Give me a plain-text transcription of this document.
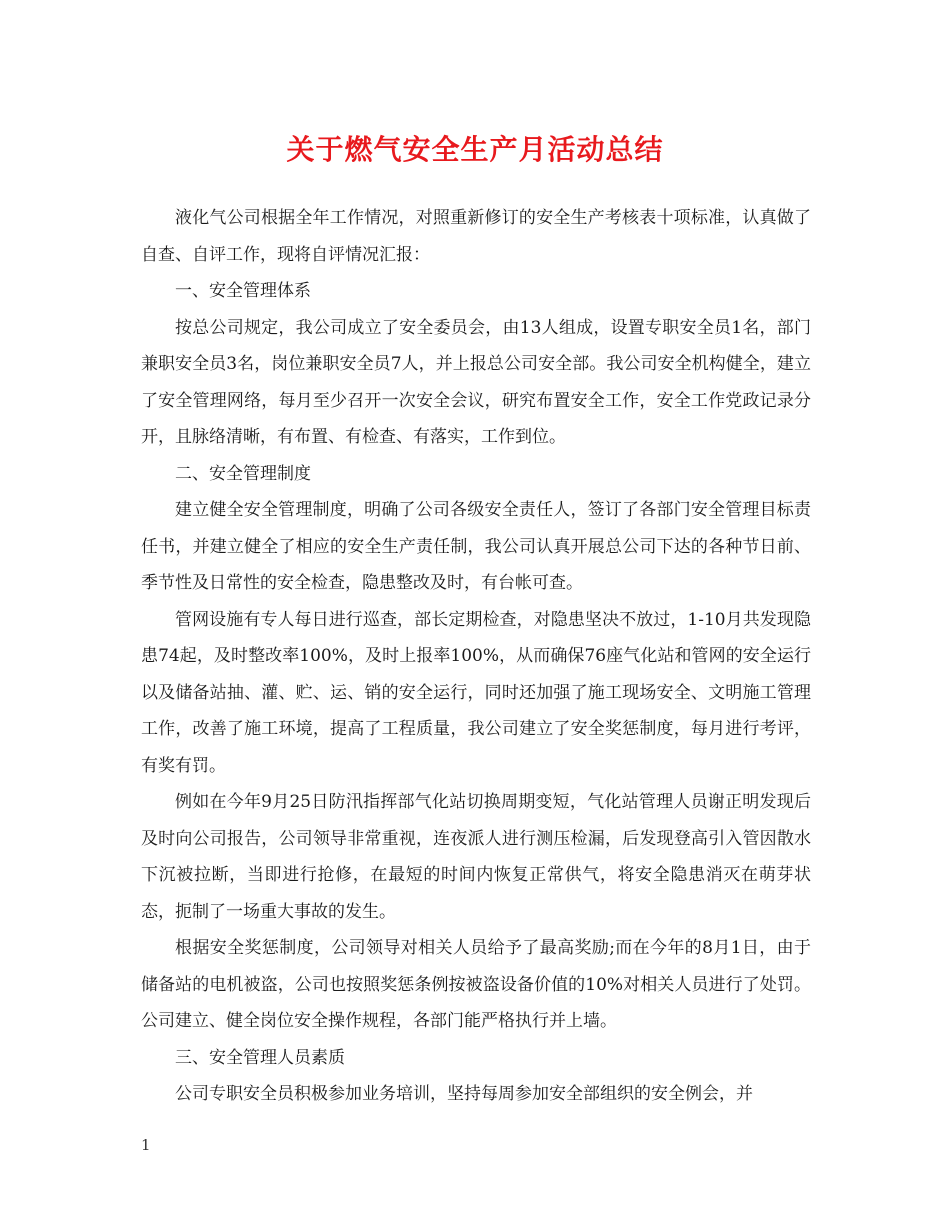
关于燃气安全生产月活动总结

液化气公司根据全年工作情况，对照重新修订的安全生产考核表十项标准，认真做了自查、自评工作，现将自评情况汇报：

一、安全管理体系

按总公司规定，我公司成立了安全委员会，由13人组成，设置专职安全员1名，部门兼职安全员3名，岗位兼职安全员7人，并上报总公司安全部。我公司安全机构健全，建立了安全管理网络，每月至少召开一次安全会议，研究布置安全工作，安全工作党政记录分开，且脉络清晰，有布置、有检查、有落实，工作到位。

二、安全管理制度

建立健全安全管理制度，明确了公司各级安全责任人，签订了各部门安全管理目标责任书，并建立健全了相应的安全生产责任制，我公司认真开展总公司下达的各种节日前、季节性及日常性的安全检查，隐患整改及时，有台帐可查。

管网设施有专人每日进行巡查，部长定期检查，对隐患坚决不放过，1-10月共发现隐患74起，及时整改率100%，及时上报率100%，从而确保76座气化站和管网的安全运行以及储备站抽、灌、贮、运、销的安全运行，同时还加强了施工现场安全、文明施工管理工作，改善了施工环境，提高了工程质量，我公司建立了安全奖惩制度，每月进行考评，有奖有罚。

例如在今年9月25日防汛指挥部气化站切换周期变短，气化站管理人员谢正明发现后及时向公司报告，公司领导非常重视，连夜派人进行测压检漏，后发现登高引入管因散水下沉被拉断，当即进行抢修，在最短的时间内恢复正常供气，将安全隐患消灭在萌芽状态，扼制了一场重大事故的发生。

根据安全奖惩制度，公司领导对相关人员给予了最高奖励;而在今年的8月1日，由于储备站的电机被盗，公司也按照奖惩条例按被盗设备价值的10%对相关人员进行了处罚。公司建立、健全岗位安全操作规程，各部门能严格执行并上墙。

三、安全管理人员素质

公司专职安全员积极参加业务培训，坚持每周参加安全部组织的安全例会，并

1
